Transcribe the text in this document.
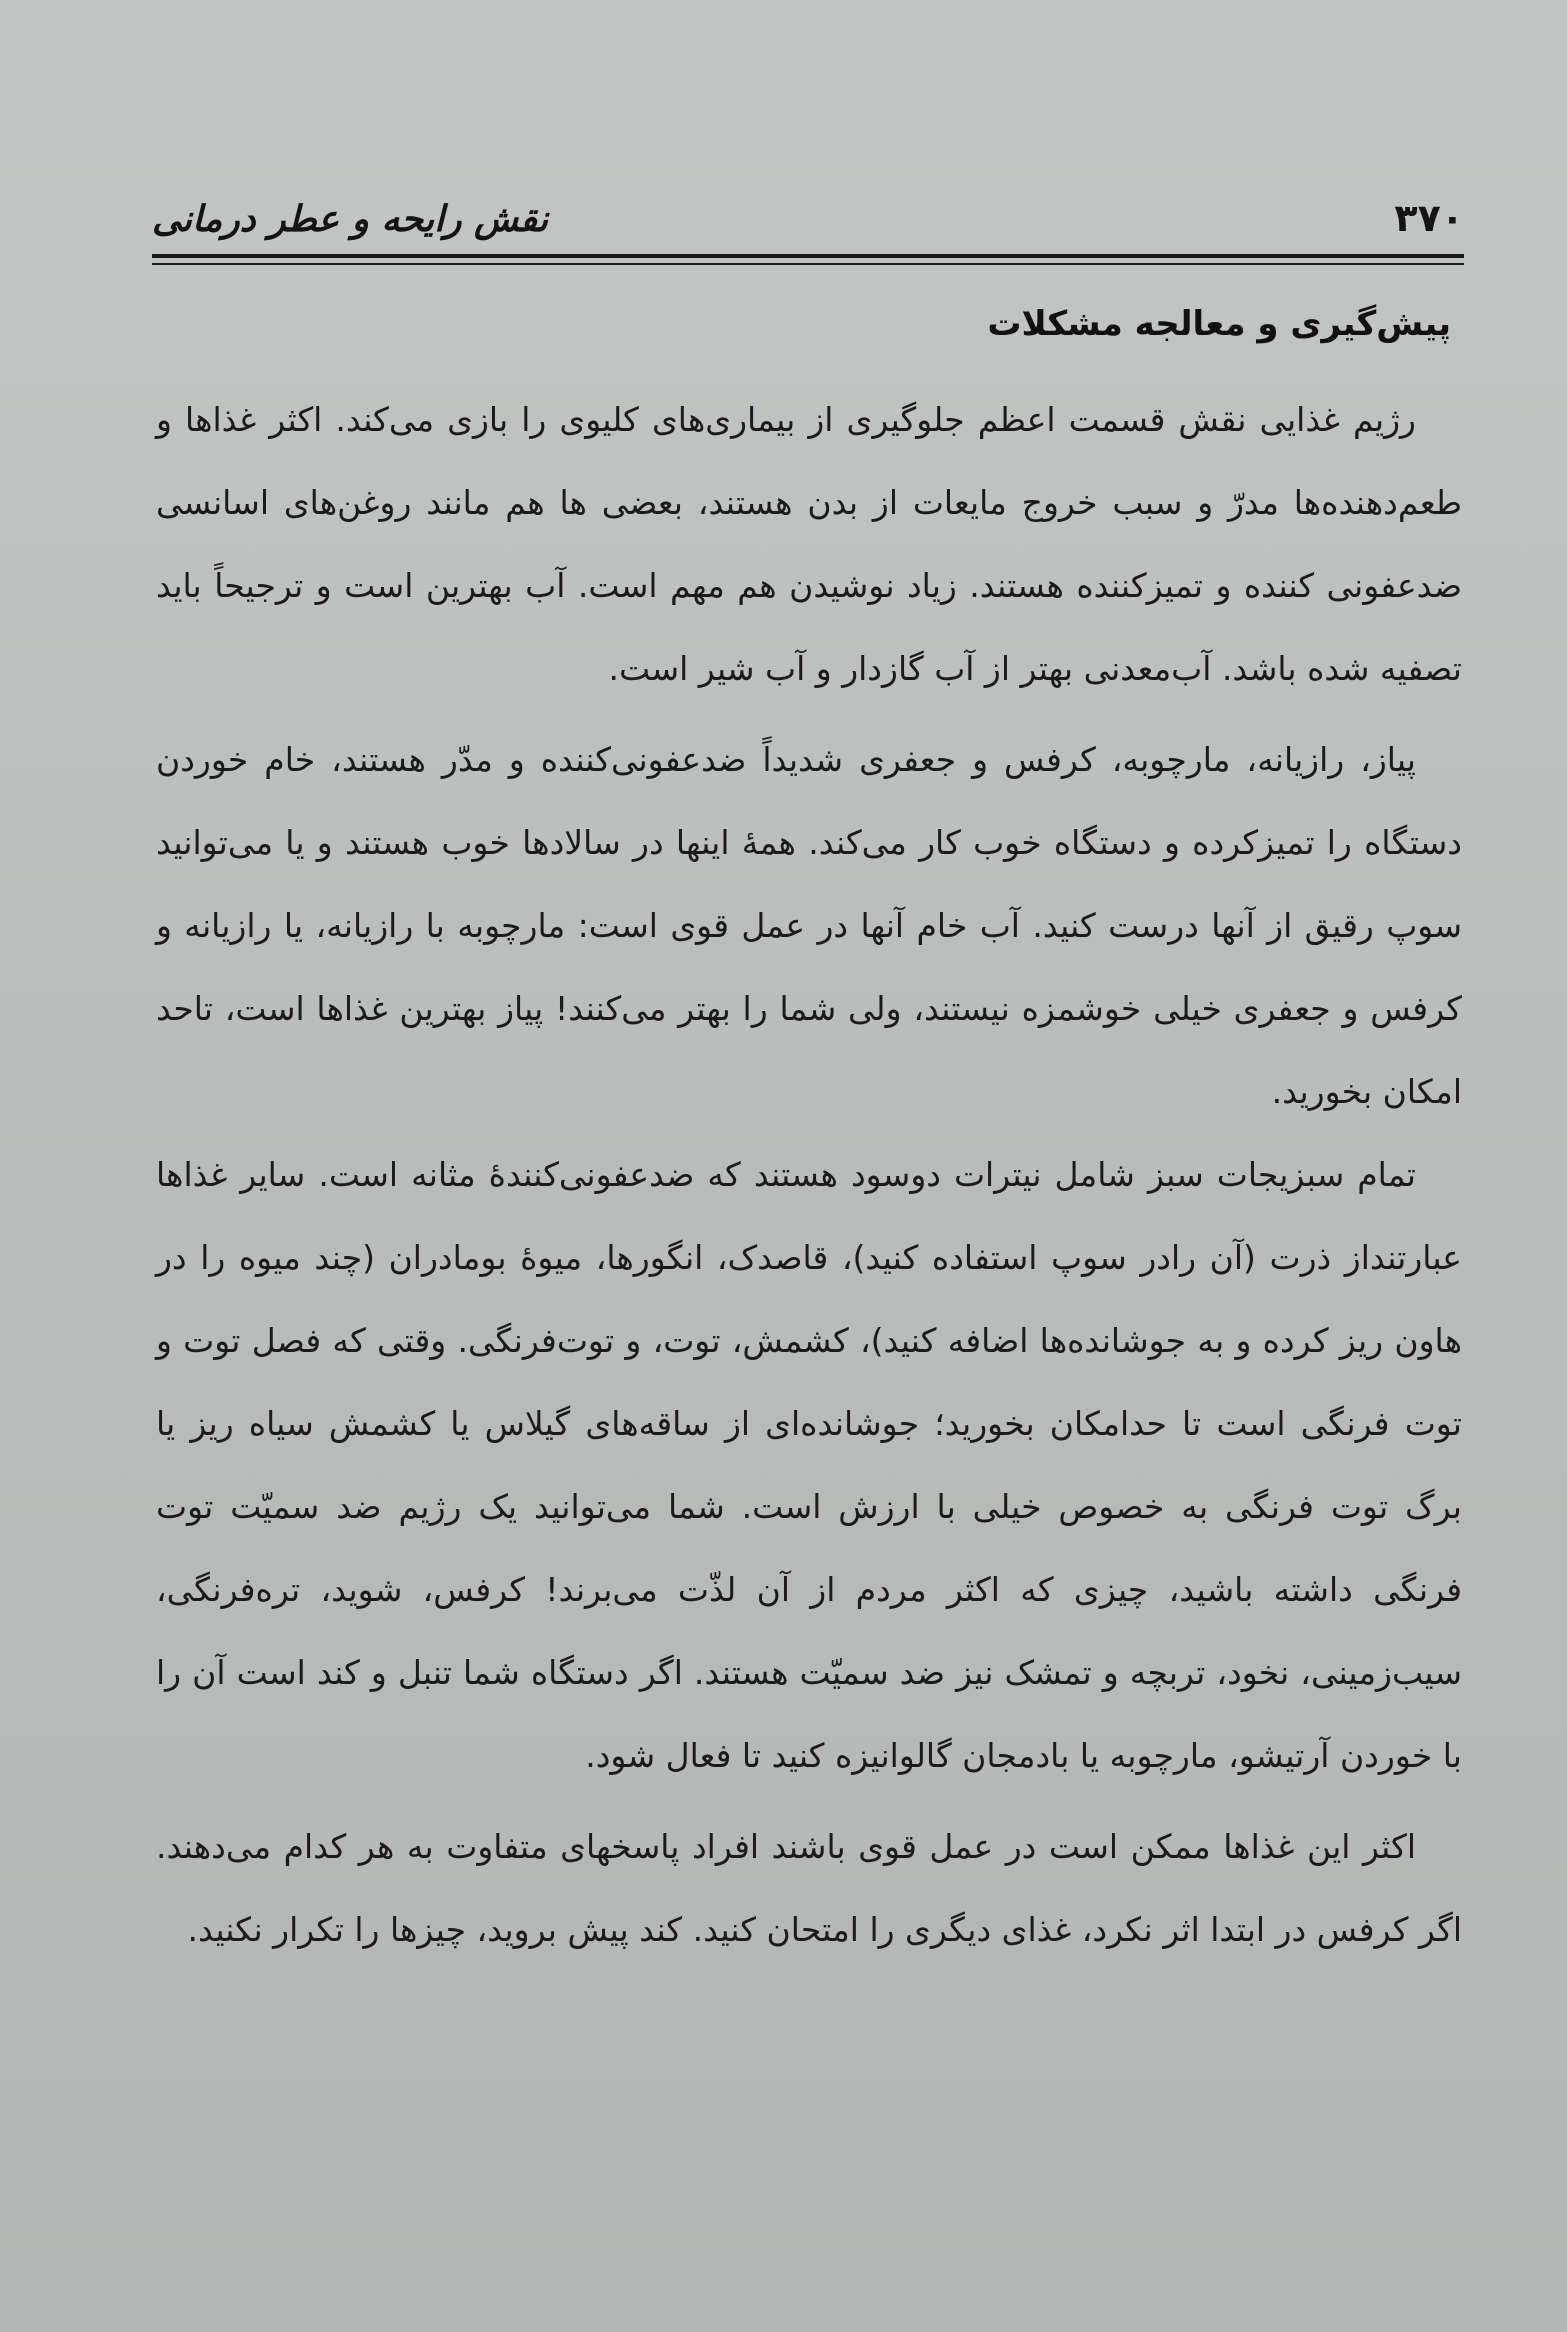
۳۷۰
نقش رایحه و عطر درمانی
پیش‌گیری و معالجه مشکلات

رژیم غذایی نقش قسمت اعظم جلوگیری از بیماری‌های کلیوی را بازی می‌کند. اکثر غذاها و طعم‌دهنده‌ها مدرّ و سبب خروج مایعات از بدن هستند، بعضی ها هم مانند روغن‌های اسانسی ضدعفونی کننده و تمیزکننده هستند. زیاد نوشیدن هم مهم است. آب بهترین است و ترجیحاً باید تصفیه شده باشد. آب‌معدنی بهتر از آب گازدار و آب شیر است.

پیاز، رازیانه، مارچوبه، کرفس و جعفری شدیداً ضدعفونی‌کننده و مدّر هستند، خام خوردن دستگاه را تمیزکرده و دستگاه خوب کار می‌کند. همهٔ اینها در سالادها خوب هستند و یا می‌توانید سوپ رقیق از آنها درست کنید. آب خام آنها در عمل قوی است: مارچوبه با رازیانه، یا رازیانه و کرفس و جعفری خیلی خوشمزه نیستند، ولی شما را بهتر می‌کنند! پیاز بهترین غذاها است، تاحد امکان بخورید.

تمام سبزیجات سبز شامل نیترات دوسود هستند که ضدعفونی‌کنندهٔ مثانه است. سایر غذاها عبارتنداز ذرت (آن رادر سوپ استفاده کنید)، قاصدک، انگورها، میوهٔ بومادران (چند میوه را در هاون ریز کرده و به جوشانده‌ها اضافه کنید)، کشمش، توت، و توت‌فرنگی. وقتی که فصل توت و توت فرنگی است تا حدامکان بخورید؛ جوشانده‌ای از ساقه‌های گیلاس یا کشمش سیاه ریز یا برگ توت فرنگی به خصوص خیلی با ارزش است. شما می‌توانید یک رژیم ضد سمیّت توت فرنگی داشته باشید، چیزی که اکثر مردم از آن لذّت می‌برند! کرفس، شوید، تره‌فرنگی، سیب‌زمینی، نخود، تربچه و تمشک نیز ضد سمیّت هستند. اگر دستگاه شما تنبل و کند است آن را با خوردن آرتیشو، مارچوبه یا بادمجان گالوانیزه کنید تا فعال شود.

اکثر این غذاها ممکن است در عمل قوی باشند افراد پاسخهای متفاوت به هر کدام می‌دهند. اگر کرفس در ابتدا اثر نکرد، غذای دیگری را امتحان کنید. کند پیش بروید، چیزها را تکرار نکنید.
